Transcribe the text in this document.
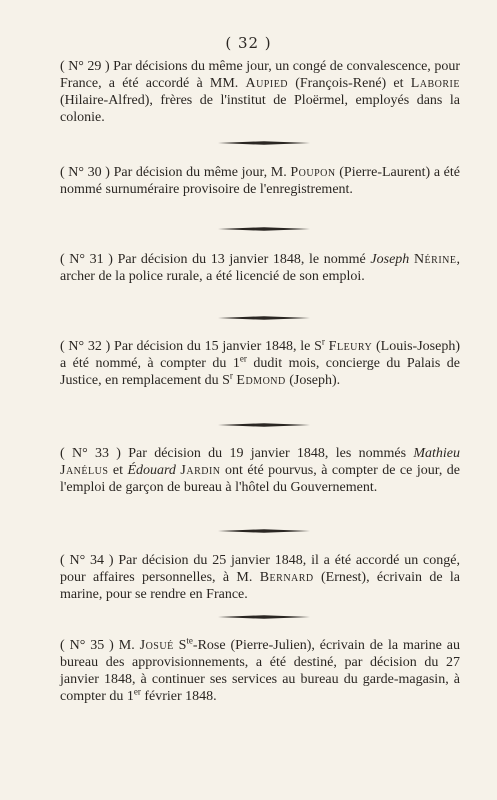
( 32 )

( N° 29 ) Par décisions du même jour, un congé de convalescence, pour France, a été accordé à MM. Aupied (François-René) et Laborie (Hilaire-Alfred), frères de l'institut de Ploërmel, employés dans la colonie.

( N° 30 ) Par décision du même jour, M. Poupon (Pierre-Laurent) a été nommé surnuméraire provisoire de l'enregistrement.

( N° 31 ) Par décision du 13 janvier 1848, le nommé Joseph Nérine, archer de la police rurale, a été licencié de son emploi.

( N° 32 ) Par décision du 15 janvier 1848, le $S^r$ Fleury (Louis-Joseph) a été nommé, à compter du 1er dudit mois, concierge du Palais de Justice, en remplacement du $S^r$ Edmond (Joseph).

( N° 33 ) Par décision du 19 janvier 1848, les nommés Mathieu Janélus et Édouard Jardin ont été pourvus, à compter de ce jour, de l'emploi de garçon de bureau à l'hôtel du Gouvernement.

( N° 34 ) Par décision du 25 janvier 1848, il a été accordé un congé, pour affaires personnelles, à M. Bernard (Ernest), écrivain de la marine, pour se rendre en France.

( N° 35 ) M. Josué $S^{te}$-Rose (Pierre-Julien), écrivain de la marine au bureau des approvisionnements, a été destiné, par décision du 27 janvier 1848, à continuer ses services au bureau du garde-magasin, à compter du 1er février 1848.
